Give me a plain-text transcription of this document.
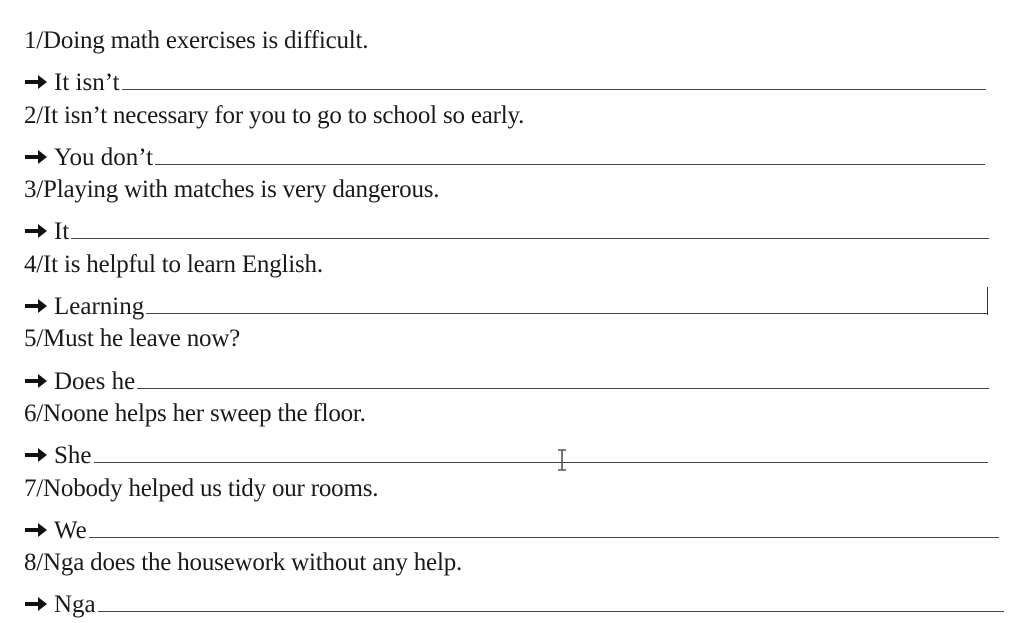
1/Doing math exercises is difficult.
It isn’t
2/It isn’t necessary for you to go to school so early.
You don’t
3/Playing with matches is very dangerous.
It
4/It is helpful to learn English.
Learning
5/Must he leave now?
Does he
6/Noone helps her sweep the floor.
She
7/Nobody helped us tidy our rooms.
We
8/Nga does the housework without any help.
Nga
